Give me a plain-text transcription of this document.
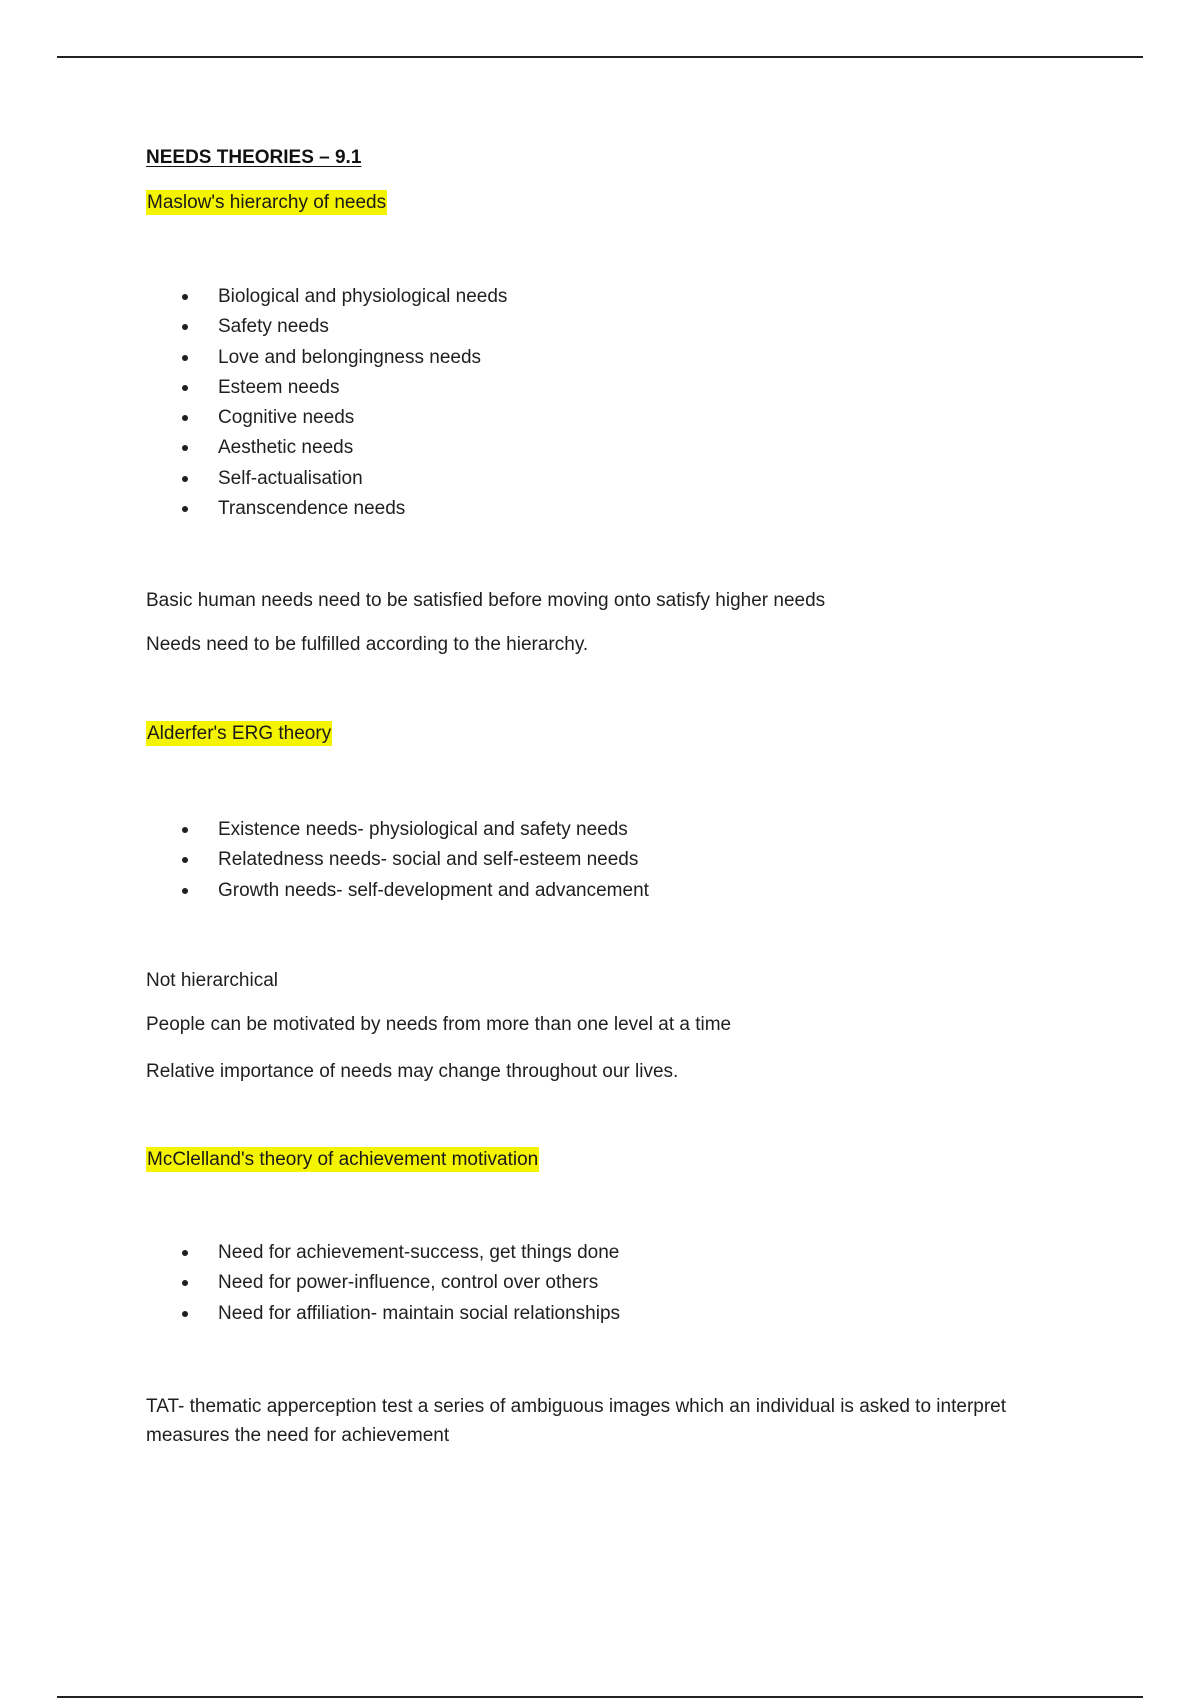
NEEDS THEORIES – 9.1
Maslow's hierarchy of needs
Biological and physiological needs
Safety needs
Love and belongingness needs
Esteem needs
Cognitive needs
Aesthetic needs
Self-actualisation
Transcendence needs
Basic human needs need to be satisfied before moving onto satisfy higher needs
Needs need to be fulfilled according to the hierarchy.
Alderfer's ERG theory
Existence needs- physiological and safety needs
Relatedness needs- social and self-esteem needs
Growth needs- self-development and advancement
Not hierarchical
People can be motivated by needs from more than one level at a time
Relative importance of needs may change throughout our lives.
McClelland's theory of achievement motivation
Need for achievement-success, get things done
Need for power-influence, control over others
Need for affiliation- maintain social relationships
TAT- thematic apperception test a series of ambiguous images which an individual is asked to interpret measures the need for achievement
